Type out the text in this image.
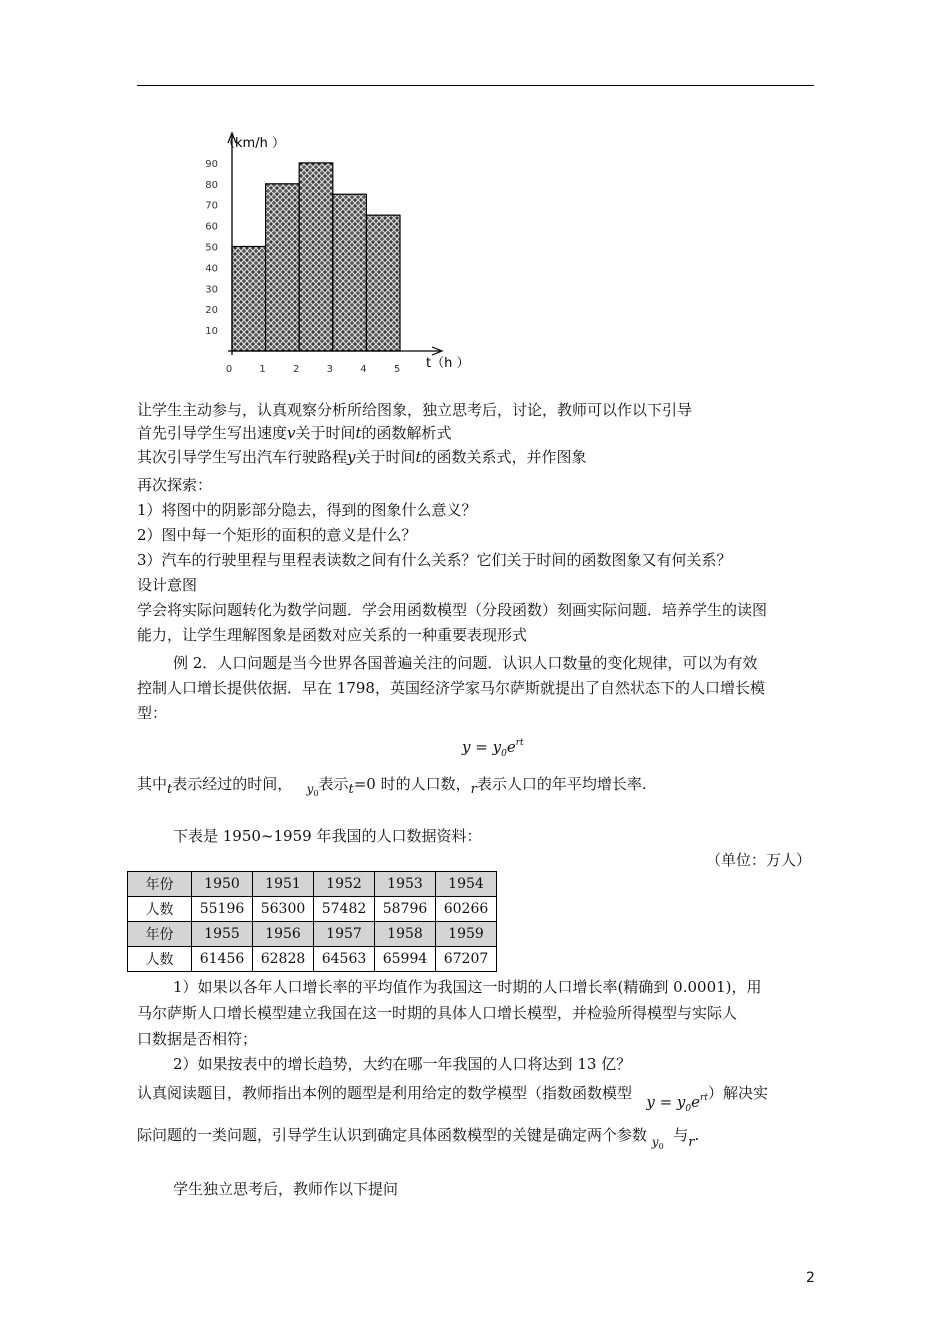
10
20
30
40
50
60
70
80
90
0	1	2	3	4	5
（km/h ）
t（h ）
让学生主动参与，认真观察分析所给图象，独立思考后，讨论，教师可以作以下引导
首先引导学生写出速度v关于时间t的函数解析式
其次引导学生写出汽车行驶路程y关于时间t的函数关系式，并作图象
再次探索：
1）将图中的阴影部分隐去，得到的图象什么意义？
2）图中每一个矩形的面积的意义是什么？
3）汽车的行驶里程与里程表读数之间有什么关系？它们关于时间的函数图象又有何关系？
设计意图
学会将实际问题转化为数学问题．学会用函数模型（分段函数）刻画实际问题．培养学生的读图
能力，让学生理解图象是函数对应关系的一种重要表现形式
例 2．人口问题是当今世界各国普遍关注的问题．认识人口数量的变化规律，可以为有效
控制人口增长提供依据．早在 1798，英国经济学家马尔萨斯就提出了自然状态下的人口增长模
型：
$y = y_0e^{rt}$
其中t表示经过的时间， $_{y0}$表示t=0 时的人口数，r表示人口的年平均增长率.
下表是 1950~1959 年我国的人口数据资料：
（单位：万人）
年份	1950	1951	1952	1953	1954
人数	55196	56300	57482	58796	60266
年份	1955	1956	1957	1958	1959
人数	61456	62828	64563	65994	67207
1）如果以各年人口增长率的平均值作为我国这一时期的人口增长率(精确到 0.0001)，用
马尔萨斯人口增长模型建立我国在这一时期的具体人口增长模型，并检验所得模型与实际人
口数据是否相符；
2）如果按表中的增长趋势，大约在哪一年我国的人口将达到 13 亿？
认真阅读题目，教师指出本例的题型是利用给定的数学模型（指数函数模型 $y = y_0e^{rt}$）解决实
际问题的一类问题，引导学生认识到确定具体函数模型的关键是确定两个参数 $_{y0}$  与r.
学生独立思考后，教师作以下提问
2
